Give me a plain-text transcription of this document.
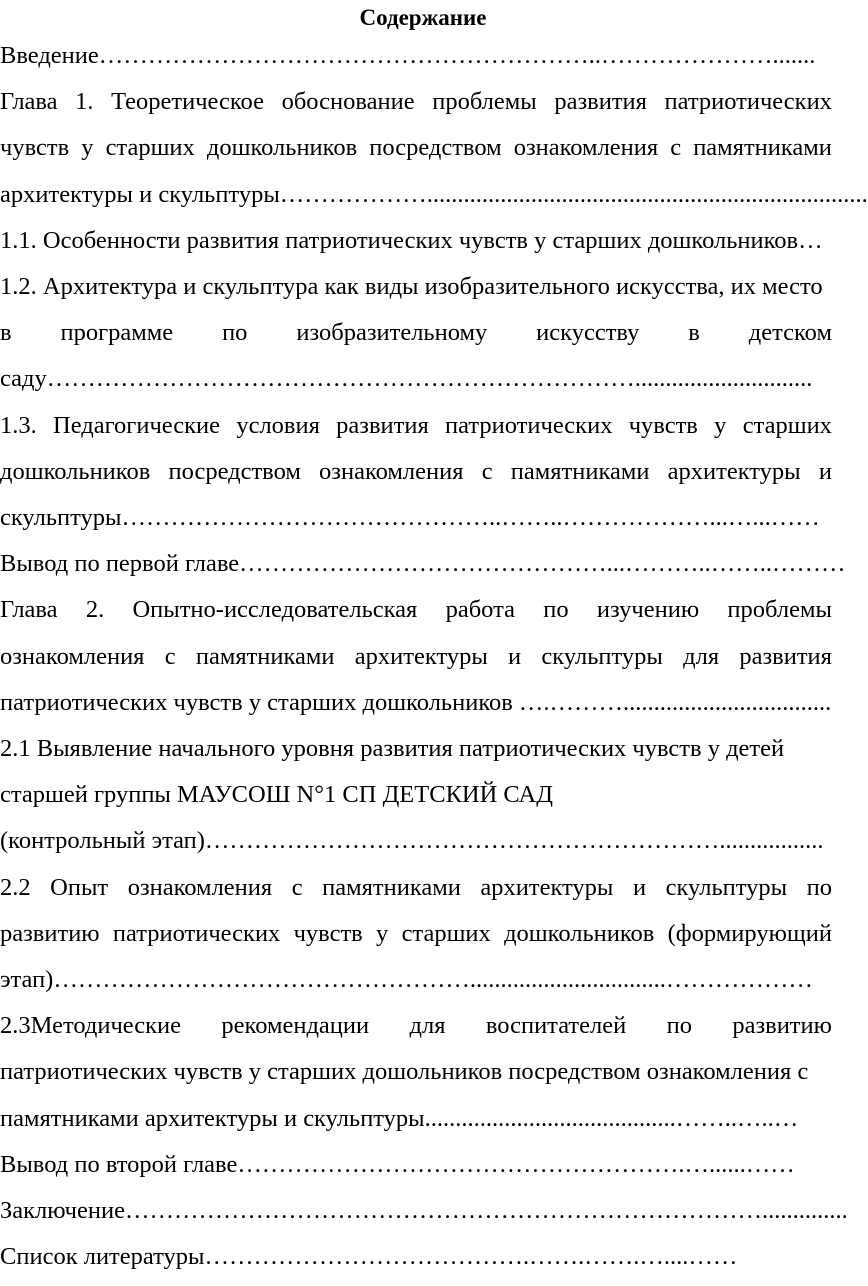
Содержание
Введение……………………………………………………..………………….......
Глава 1. Теоретическое обоснование проблемы развития патриотических
чувств у старших дошкольников посредством ознакомления с памятниками
архитектуры и скульптуры………………........................................................................
1.1. Особенности развития патриотических чувств у старших дошкольников…
1.2. Архитектура и скульптура как виды изобразительного искусства, их место
в программе по изобразительному искусству в детском
саду……………………………………………………………….............................
1.3. Педагогические условия развития патриотических чувств у старших
дошкольников посредством ознакомления с памятниками архитектуры и
скульптуры………………………………………..……..………………...…...……
Вывод по первой главе………………………………………...………..……..………
Глава 2. Опытно-исследовательская работа по изучению проблемы
ознакомления с памятниками архитектуры и скульптуры для развития
патриотических чувств у старших дошкольников ….………..................................
2.1 Выявление начального уровня развития патриотических чувств у детей
старшей группы МАУСОШ N°1 СП ДЕТСКИЙ САД
(контрольный этап)……………………………………………………….................
2.2 Опыт ознакомления с памятниками архитектуры и скульптуры по
развитию патриотических чувств у старших дошкольников (формирующий
этап)……………………………………………................................………………
2.3Методические рекомендации для воспитателей по развитию
патриотических чувств у старших дошольников посредством ознакомления с
памятниками архитектуры и скульптуры.........................................……..…..…
Вывод по второй главе……………………………………………….…......……
Заключение……………………………………………………………………..............
Список литературы………………………………….…….…….…....……
